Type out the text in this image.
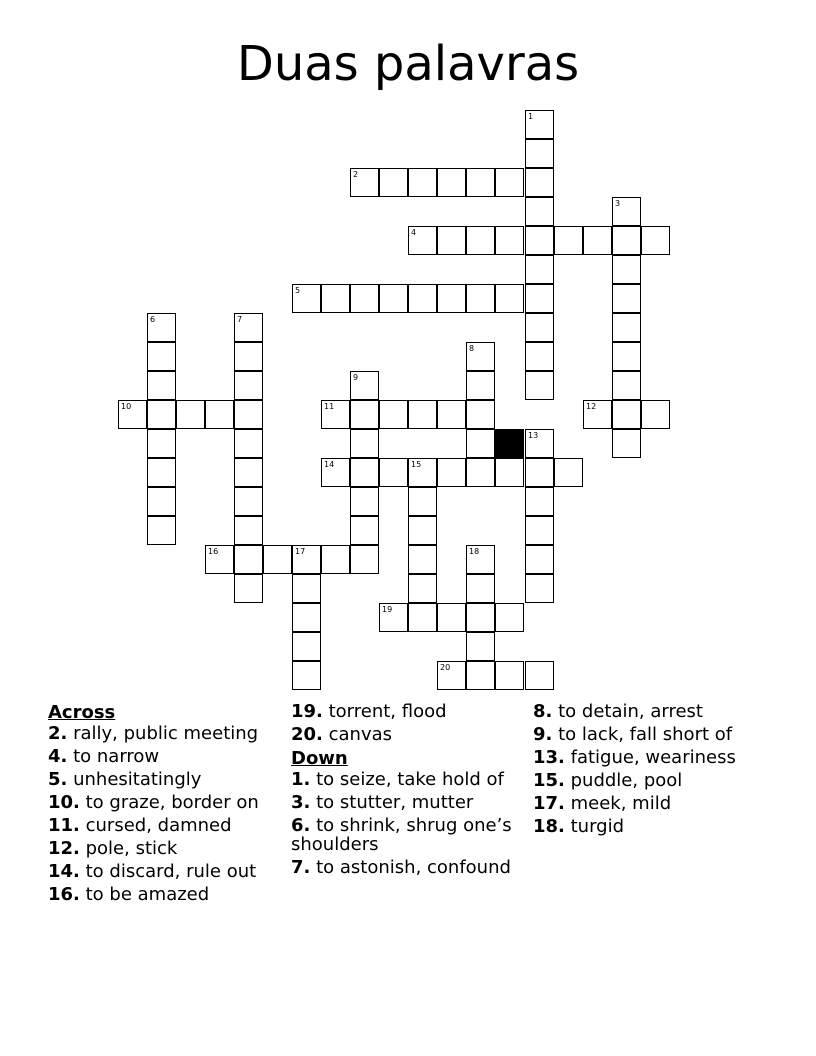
Duas palavras
1
2
3
4
5
6	7
8
9
10	11	12
13
14	15
16	17	18
19
20
Across

2. rally, public meeting

4. to narrow

5. unhesitatingly

10. to graze, border on

11. cursed, damned

12. pole, stick

14. to discard, rule out

16. to be amazed

19. torrent, flood

20. canvas

Down

1. to seize, take hold of

3. to stutter, mutter

6. to shrink, shrug one’s shoulders

7. to astonish, confound

8. to detain, arrest

9. to lack, fall short of

13. fatigue, weariness

15. puddle, pool

17. meek, mild

18. turgid
